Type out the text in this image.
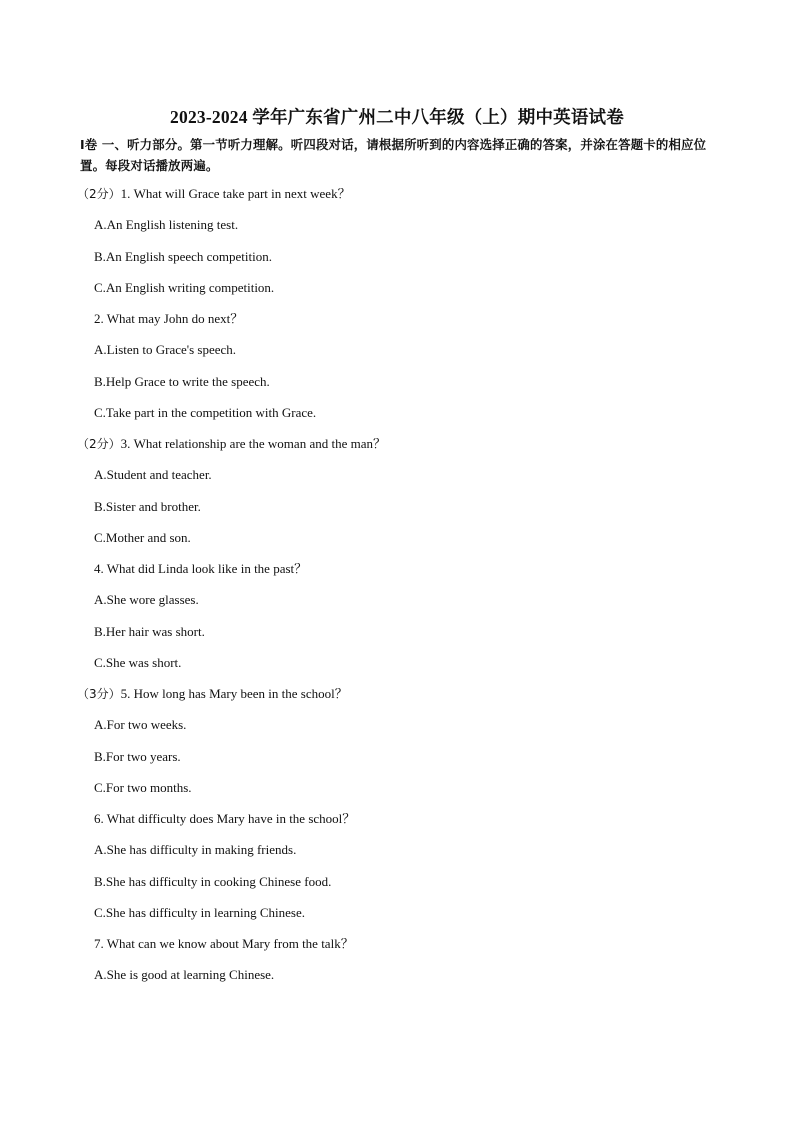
2023-2024 学年广东省广州二中八年级（上）期中英语试卷
Ⅰ卷 一、听力部分。第一节听力理解。听四段对话，请根据所听到的内容选择正确的答案，并涂在答题卡的相应位置。每段对话播放两遍。
（2分）1. What will Grace take part in next week？
A.An English listening test.
B.An English speech competition.
C.An English writing competition.
2. What may John do next？
A.Listen to Grace's speech.
B.Help Grace to write the speech.
C.Take part in the competition with Grace.
（2分）3. What relationship are the woman and the man？
A.Student and teacher.
B.Sister and brother.
C.Mother and son.
4. What did Linda look like in the past？
A.She wore glasses.
B.Her hair was short.
C.She was short.
（3分）5. How long has Mary been in the school？
A.For two weeks.
B.For two years.
C.For two months.
6. What difficulty does Mary have in the school？
A.She has difficulty in making friends.
B.She has difficulty in cooking Chinese food.
C.She has difficulty in learning Chinese.
7. What can we know about Mary from the talk？
A.She is good at learning Chinese.
